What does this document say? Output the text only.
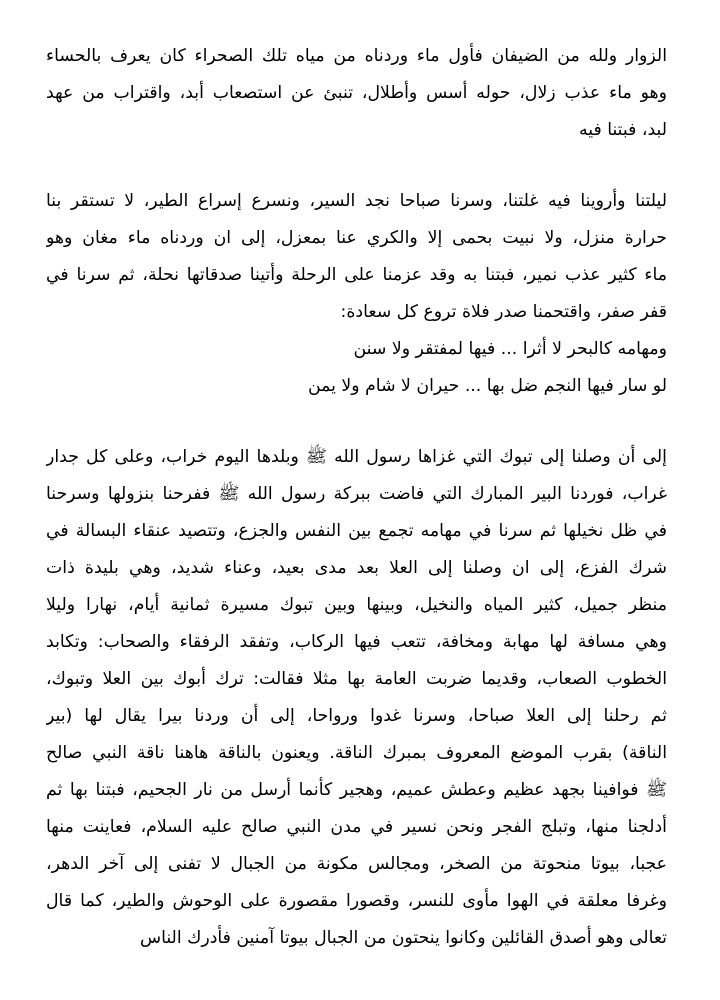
الزوار ولله من الضيفان فأول ماء وردناه من مياه تلك الصحراء كان يعرف بالحساء
وهو ماء عذب زلال، حوله أسس وأطلال، تنبئ عن استصعاب أبد، واقتراب من عهد
لبد، فبتنا فيه
ليلتنا وأروينا فيه غلتنا، وسرنا صباحا نجد السير، ونسرع إسراع الطير، لا تستقر بنا
حرارة منزل، ولا نبيت بحمى إلا والكري عنا بمعزل، إلى ان وردناه ماء مغان وهو
ماء كثير عذب نمير، فبتنا به وقد عزمنا على الرحلة وأتينا صدقاتها نحلة، ثم سرنا في
قفر صفر، واقتحمنا صدر فلاة تروع كل سعادة:
ومهامه كالبحر لا أثرا ... فيها لمفتقر ولا سنن
لو سار فيها النجم ضل بها ... حيران لا شام ولا يمن
إلى أن وصلنا إلى تبوك التي غزاها رسول الله ﷺ وبلدها اليوم خراب، وعلى كل جدار
غراب، فوردنا البير المبارك التي فاضت ببركة رسول الله ﷺ ففرحنا بنزولها وسرحنا
في ظل نخيلها ثم سرنا في مهامه تجمع بين النفس والجزع، وتتصيد عنقاء البسالة في
شرك الفزع، إلى ان وصلنا إلى العلا بعد مدى بعيد، وعناء شديد، وهي بليدة ذات
منظر جميل، كثير المياه والنخيل، وبينها وبين تبوك مسيرة ثمانية أيام، نهارا وليلا
وهي مسافة لها مهابة ومخافة، تتعب فيها الركاب، وتفقد الرفقاء والصحاب: وتكابد
الخطوب الصعاب، وقديما ضربت العامة بها مثلا فقالت: ترك أبوك بين العلا وتبوك،
ثم رحلنا إلى العلا صباحا، وسرنا غدوا ورواحا، إلى أن وردنا بيرا يقال لها (بير
الناقة) بقرب الموضع المعروف بمبرك الناقة. ويعنون بالناقة هاهنا ناقة النبي صالح
ﷺ فوافينا بجهد عظيم وعطش عميم، وهجير كأنما أرسل من نار الجحيم، فبتنا بها ثم
أدلجنا منها، وتبلج الفجر ونحن نسير في مدن النبي صالح عليه السلام، فعاينت منها
عجبا، بيوتا منحوتة من الصخر، ومجالس مكونة من الجبال لا تفنى إلى آخر الدهر،
وغرفا معلقة في الهوا مأوى للنسر، وقصورا مقصورة على الوحوش والطير، كما قال
تعالى وهو أصدق القائلين وكانوا ينحتون من الجبال بيوتا آمنين فأدرك الناس
